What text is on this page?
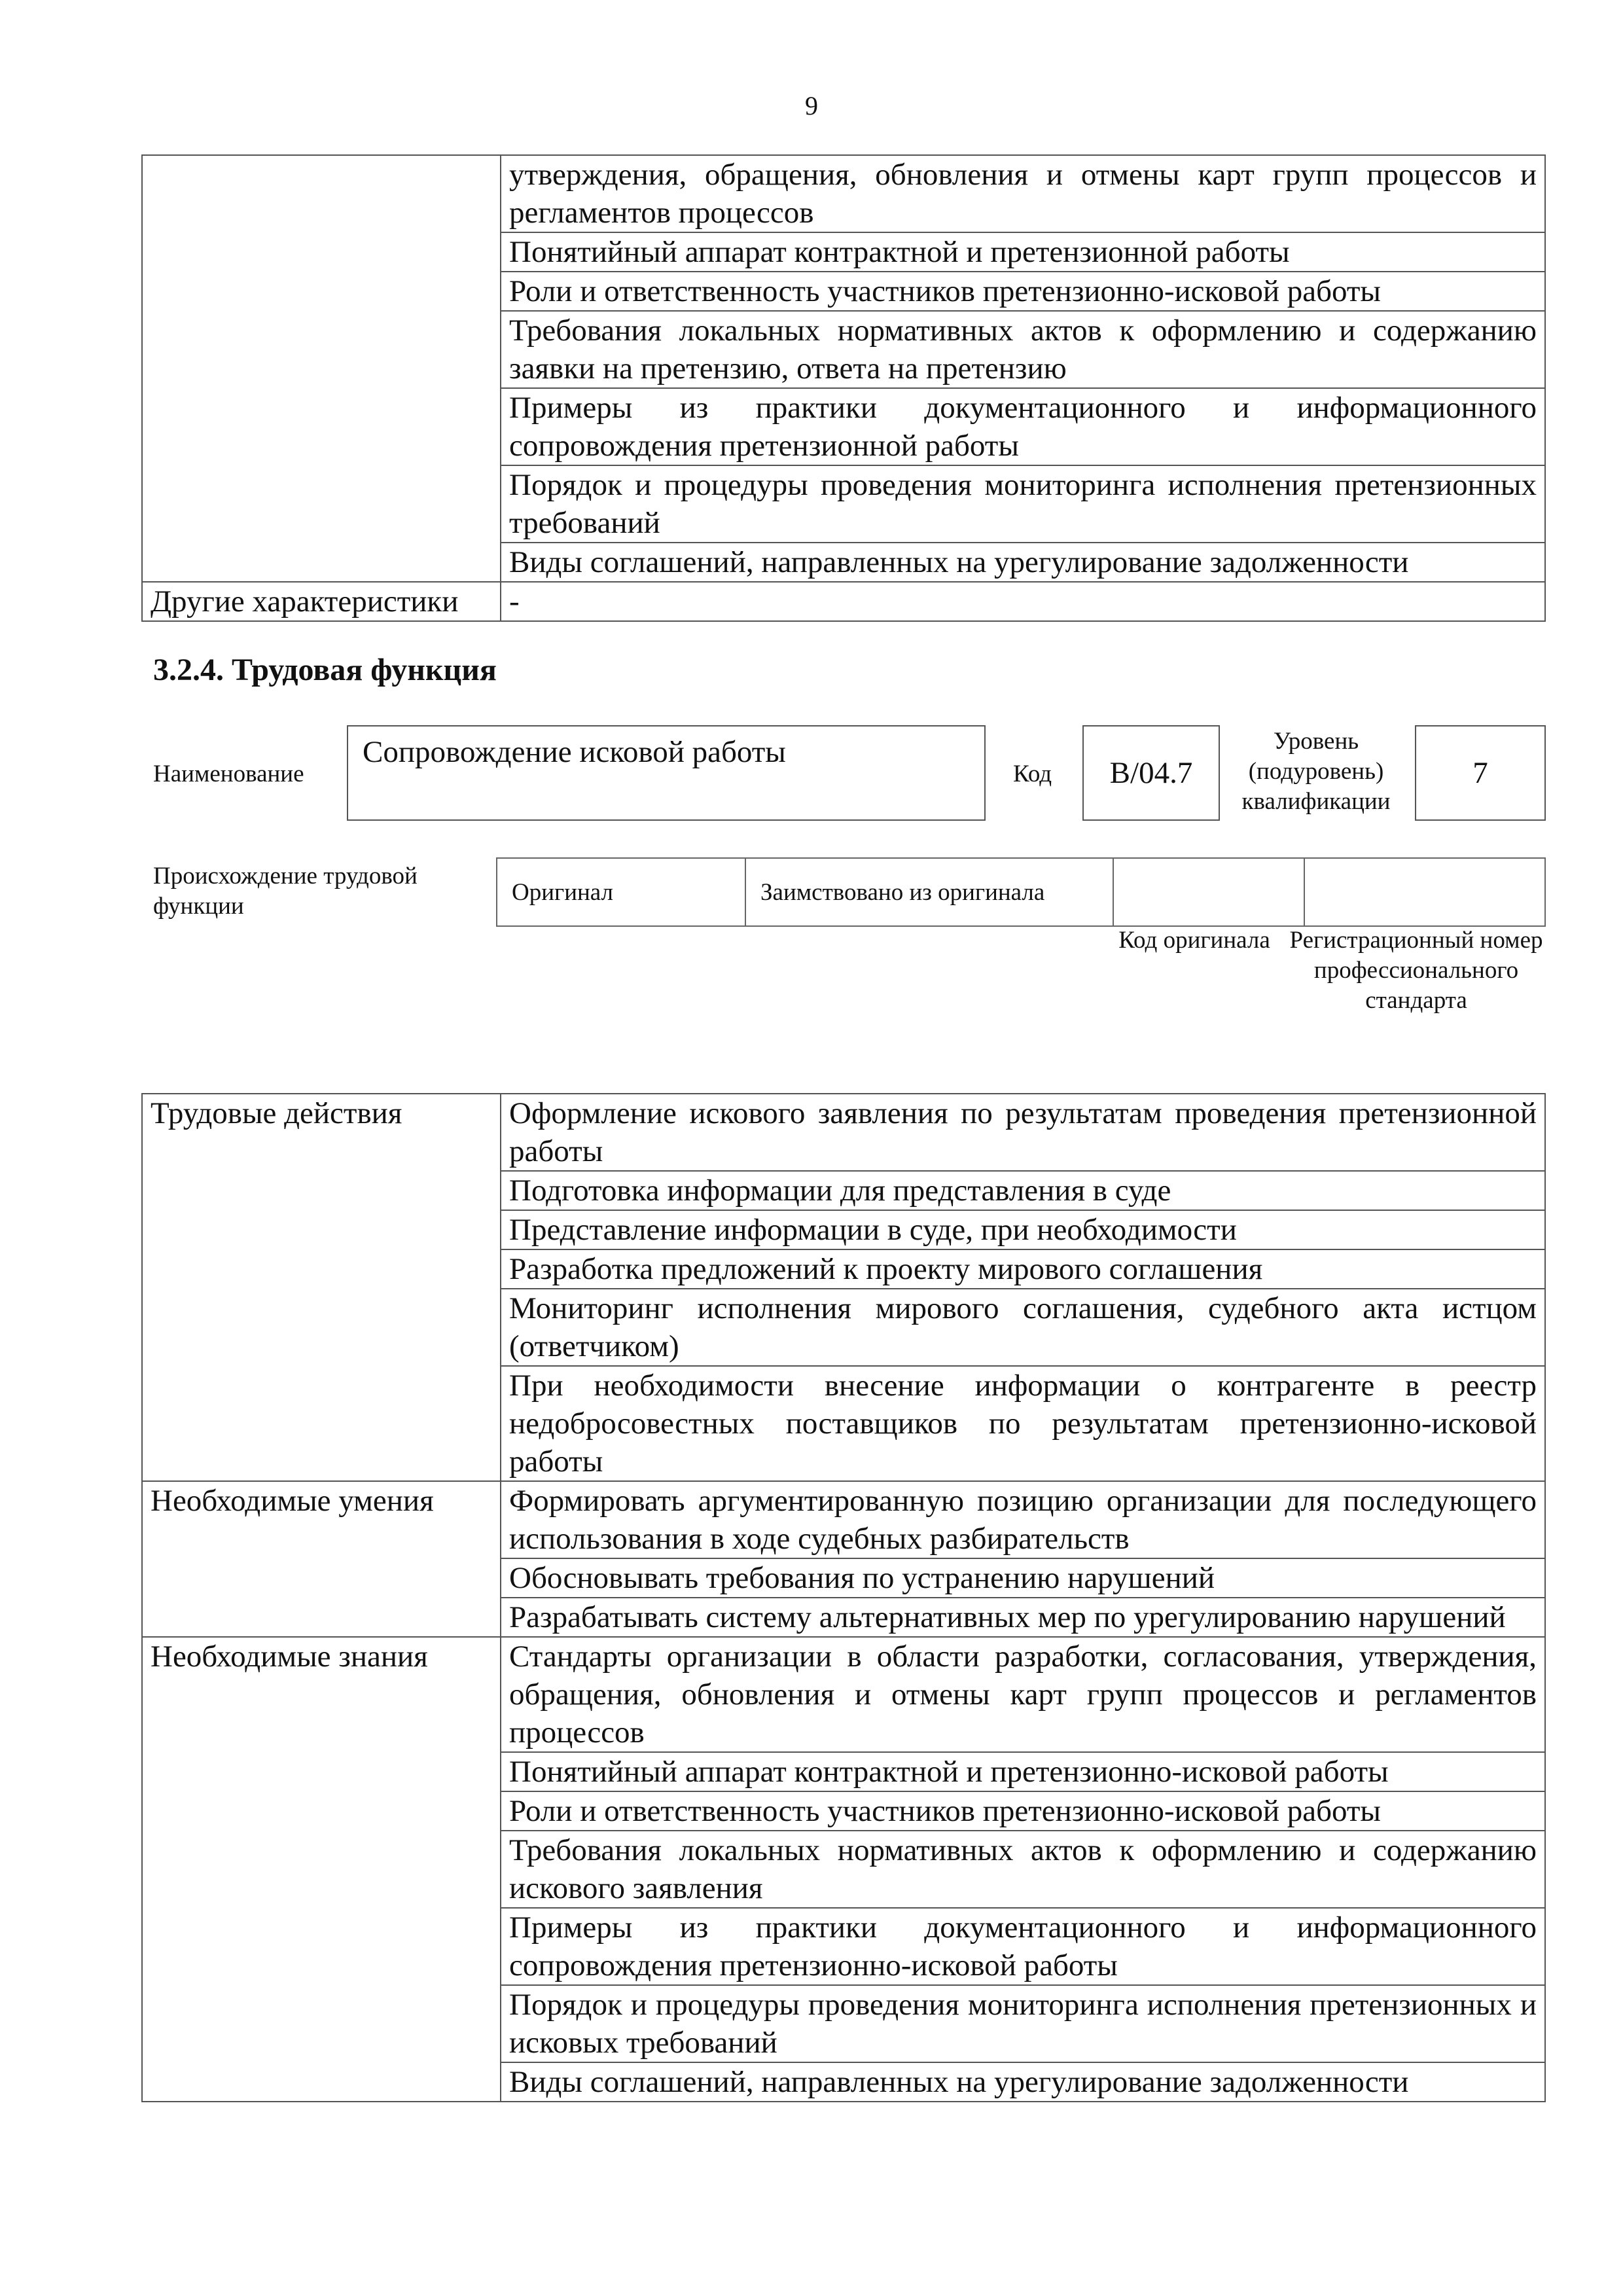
9
	утверждения, обращения, обновления и отмены карт групп процессов и регламентов процессов
	Понятийный аппарат контрактной и претензионной работы
	Роли и ответственность участников претензионно-исковой работы
	Требования локальных нормативных актов к оформлению и содержанию заявки на претензию, ответа на претензию
	Примеры из практики документационного и информационного сопровождения претензионной работы
	Порядок и процедуры проведения мониторинга исполнения претензионных требований
	Виды соглашений, направленных на урегулирование задолженности
Другие характеристики	-
3.2.4. Трудовая функция
Наименование
Сопровождение исковой работы
Код B/04.7
Уровень (подуровень) квалификации
7
Происхождение трудовой функции
Оригинал	Заимствовано из оригинала		
Код оригинала Регистрационный номер профессионального стандарта
Трудовые действия	Оформление искового заявления по результатам проведения претензионной работы
	Подготовка информации для представления в суде
	Представление информации в суде, при необходимости
	Разработка предложений к проекту мирового соглашения
	Мониторинг исполнения мирового соглашения, судебного акта истцом (ответчиком)
	При необходимости внесение информации о контрагенте в реестр недобросовестных поставщиков по результатам претензионно-исковой работы
Необходимые умения	Формировать аргументированную позицию организации для последующего использования в ходе судебных разбирательств
	Обосновывать требования по устранению нарушений
	Разрабатывать систему альтернативных мер по урегулированию нарушений
Необходимые знания	Стандарты организации в области разработки, согласования, утверждения, обращения, обновления и отмены карт групп процессов и регламентов процессов
	Понятийный аппарат контрактной и претензионно-исковой работы
	Роли и ответственность участников претензионно-исковой работы
	Требования локальных нормативных актов к оформлению и содержанию искового заявления
	Примеры из практики документационного и информационного сопровождения претензионно-исковой работы
	Порядок и процедуры проведения мониторинга исполнения претензионных и исковых требований
	Виды соглашений, направленных на урегулирование задолженности
